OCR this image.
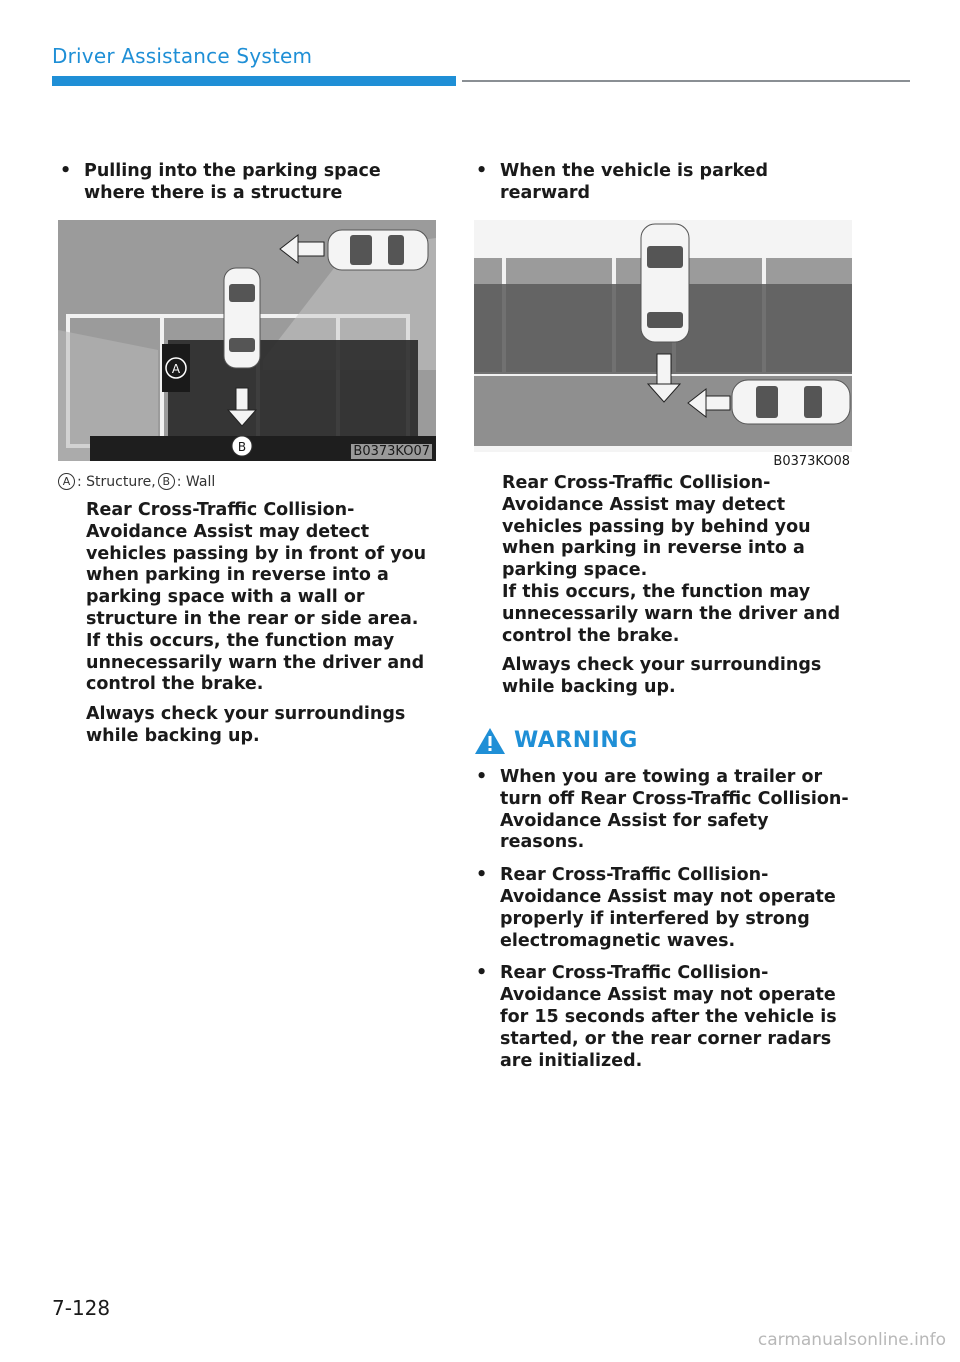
Driver Assistance System

• Pulling into the parking space where there is a structure

A
B	B0373KO07
A : Structure, B : Wall

Rear Cross-Traffic Collision-Avoidance Assist may detect vehicles passing by in front of you when parking in reverse into a parking space with a wall or structure in the rear or side area. If this occurs, the function may unnecessarily warn the driver and control the brake.

Always check your surroundings while backing up.

• When the vehicle is parked rearward

B0373KO08

Rear Cross-Traffic Collision-Avoidance Assist may detect vehicles passing by behind you when parking in reverse into a parking space.
If this occurs, the function may unnecessarily warn the driver and control the brake.

Always check your surroundings while backing up.

WARNING
• When you are towing a trailer or turn off Rear Cross-Traffic Collision-Avoidance Assist for safety reasons.
• Rear Cross-Traffic Collision-Avoidance Assist may not operate properly if interfered by strong electromagnetic waves.
• Rear Cross-Traffic Collision-Avoidance Assist may not operate for 15 seconds after the vehicle is started, or the rear corner radars are initialized.
7-128
carmanualsonline.info
